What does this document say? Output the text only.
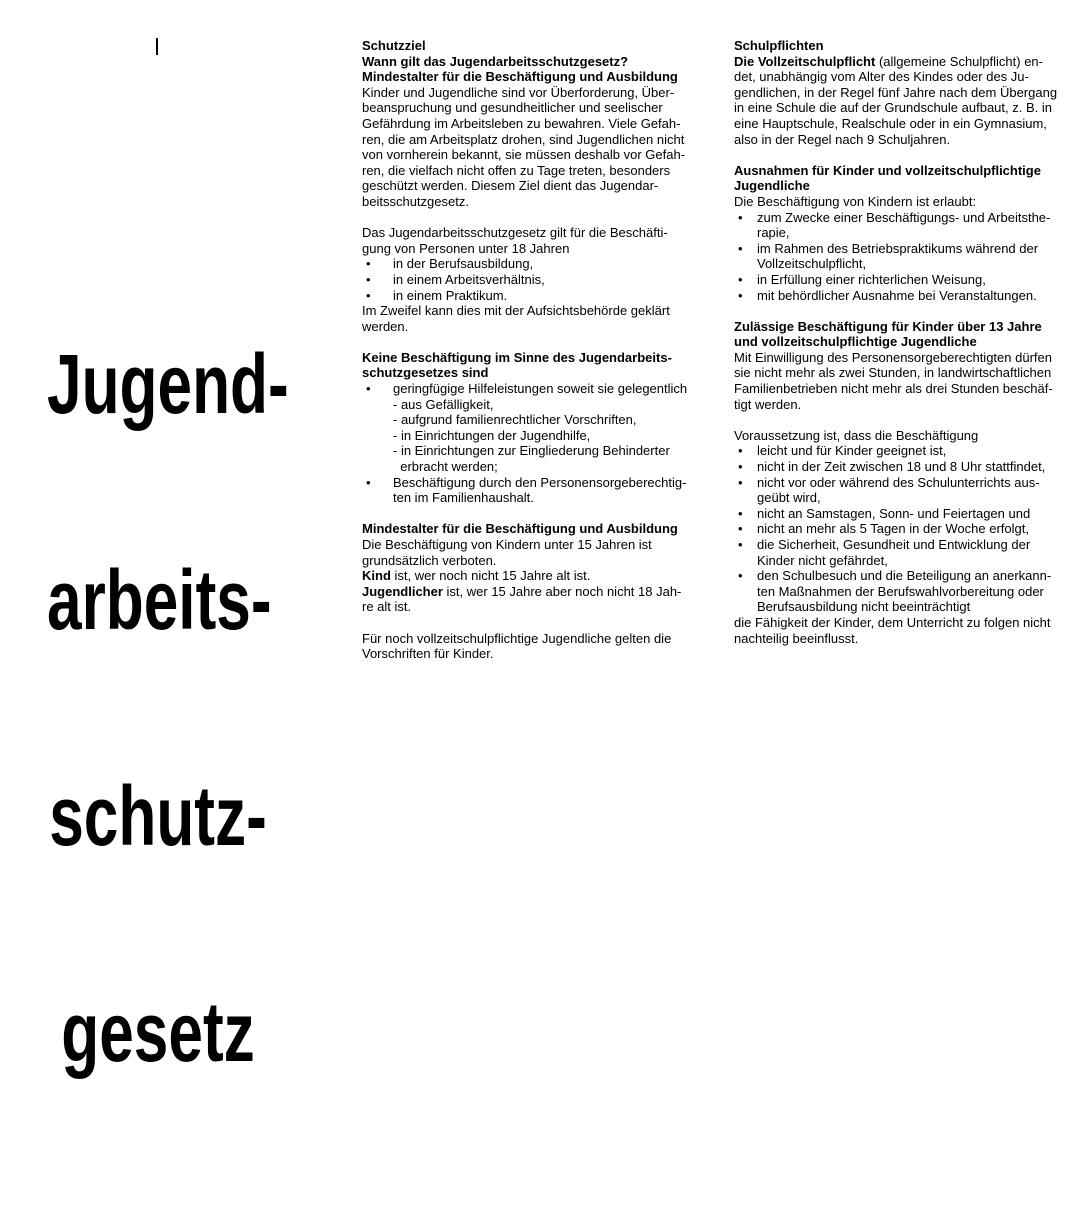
Jugend-

arbeits-

schutz-

gesetz

Schutzziel
Wann gilt das Jugendarbeitsschutzgesetz?
Mindestalter für die Beschäftigung und Ausbildung
Kinder und Jugendliche sind vor Überforderung, Über-
beanspruchung und gesundheitlicher und seelischer
Gefährdung im Arbeitsleben zu bewahren. Viele Gefah-
ren, die am Arbeitsplatz drohen, sind Jugendlichen nicht
von vornherein bekannt, sie müssen deshalb vor Gefah-
ren, die vielfach nicht offen zu Tage treten, besonders
geschützt werden. Diesem Ziel dient das Jugendar-
beitsschutzgesetz.
Das Jugendarbeitsschutzgesetz gilt für die Beschäfti-
gung von Personen unter 18 Jahren
• in der Berufsausbildung,
• in einem Arbeitsverhältnis,
• in einem Praktikum.
Im Zweifel kann dies mit der Aufsichtsbehörde geklärt
werden.
Keine Beschäftigung im Sinne des Jugendarbeits-
schutzgesetzes sind
• geringfügige Hilfeleistungen soweit sie gelegentlich
- aus Gefälligkeit,
- aufgrund familienrechtlicher Vorschriften,
- in Einrichtungen der Jugendhilfe,
- in Einrichtungen zur Eingliederung Behinderter
erbracht werden;
• Beschäftigung durch den Personensorgeberechtig-
ten im Familienhaushalt.
Mindestalter für die Beschäftigung und Ausbildung
Die Beschäftigung von Kindern unter 15 Jahren ist
grundsätzlich verboten.
Kind ist, wer noch nicht 15 Jahre alt ist.
Jugendlicher ist, wer 15 Jahre aber noch nicht 18 Jah-
re alt ist.
Für noch vollzeitschulpflichtige Jugendliche gelten die
Vorschriften für Kinder.
Schulpflichten
Die Vollzeitschulpflicht (allgemeine Schulpflicht) en-
det, unabhängig vom Alter des Kindes oder des Ju-
gendlichen, in der Regel fünf Jahre nach dem Übergang
in eine Schule die auf der Grundschule aufbaut, z. B. in
eine Hauptschule, Realschule oder in ein Gymnasium,
also in der Regel nach 9 Schuljahren.
Ausnahmen für Kinder und vollzeitschulpflichtige
Jugendliche
Die Beschäftigung von Kindern ist erlaubt:
• zum Zwecke einer Beschäftigungs- und Arbeitsthe-
rapie,
• im Rahmen des Betriebspraktikums während der
Vollzeitschulpflicht,
• in Erfüllung einer richterlichen Weisung,
• mit behördlicher Ausnahme bei Veranstaltungen.
Zulässige Beschäftigung für Kinder über 13 Jahre
und vollzeitschulpflichtige Jugendliche
Mit Einwilligung des Personensorgeberechtigten dürfen
sie nicht mehr als zwei Stunden, in landwirtschaftlichen
Familienbetrieben nicht mehr als drei Stunden beschäf-
tigt werden.
Voraussetzung ist, dass die Beschäftigung
• leicht und für Kinder geeignet ist,
• nicht in der Zeit zwischen 18 und 8 Uhr stattfindet,
• nicht vor oder während des Schulunterrichts aus-
geübt wird,
• nicht an Samstagen, Sonn- und Feiertagen und
• nicht an mehr als 5 Tagen in der Woche erfolgt,
• die Sicherheit, Gesundheit und Entwicklung der
Kinder nicht gefährdet,
• den Schulbesuch und die Beteiligung an anerkann-
ten Maßnahmen der Berufswahlvorbereitung oder
Berufsausbildung nicht beeinträchtigt
die Fähigkeit der Kinder, dem Unterricht zu folgen nicht
nachteilig beeinflusst.
